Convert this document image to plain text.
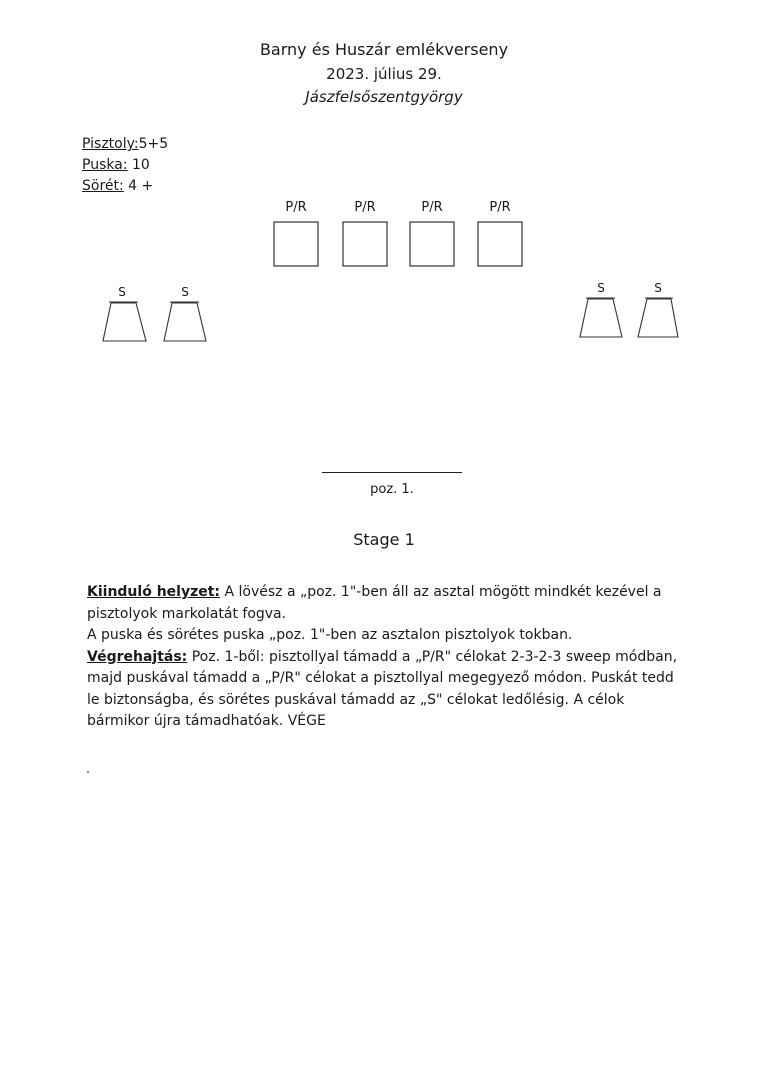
Barny és Huszár emlékverseny
2023. július 29.
Jászfelsőszentgyörgy
Pisztoly:5+5
Puska: 10
Sörét: 4 +
P/R	P/R	P/R	P/R
S	S	S	S
poz. 1.
Stage 1

Kiinduló helyzet: A lövész a „poz. 1"-ben áll az asztal mögött mindkét kezével a pisztolyok markolatát fogva.

A puska és sörétes puska „poz. 1"-ben az asztalon pisztolyok tokban.

Végrehajtás: Poz. 1-ből: pisztollyal támadd a „P/R" célokat 2-3-2-3 sweep módban, majd puskával támadd a „P/R" célokat a pisztollyal megegyező módon. Puskát tedd le biztonságba, és sörétes puskával támadd az „S" célokat ledőlésig. A célok bármikor újra támadhatóak. VÉGE
